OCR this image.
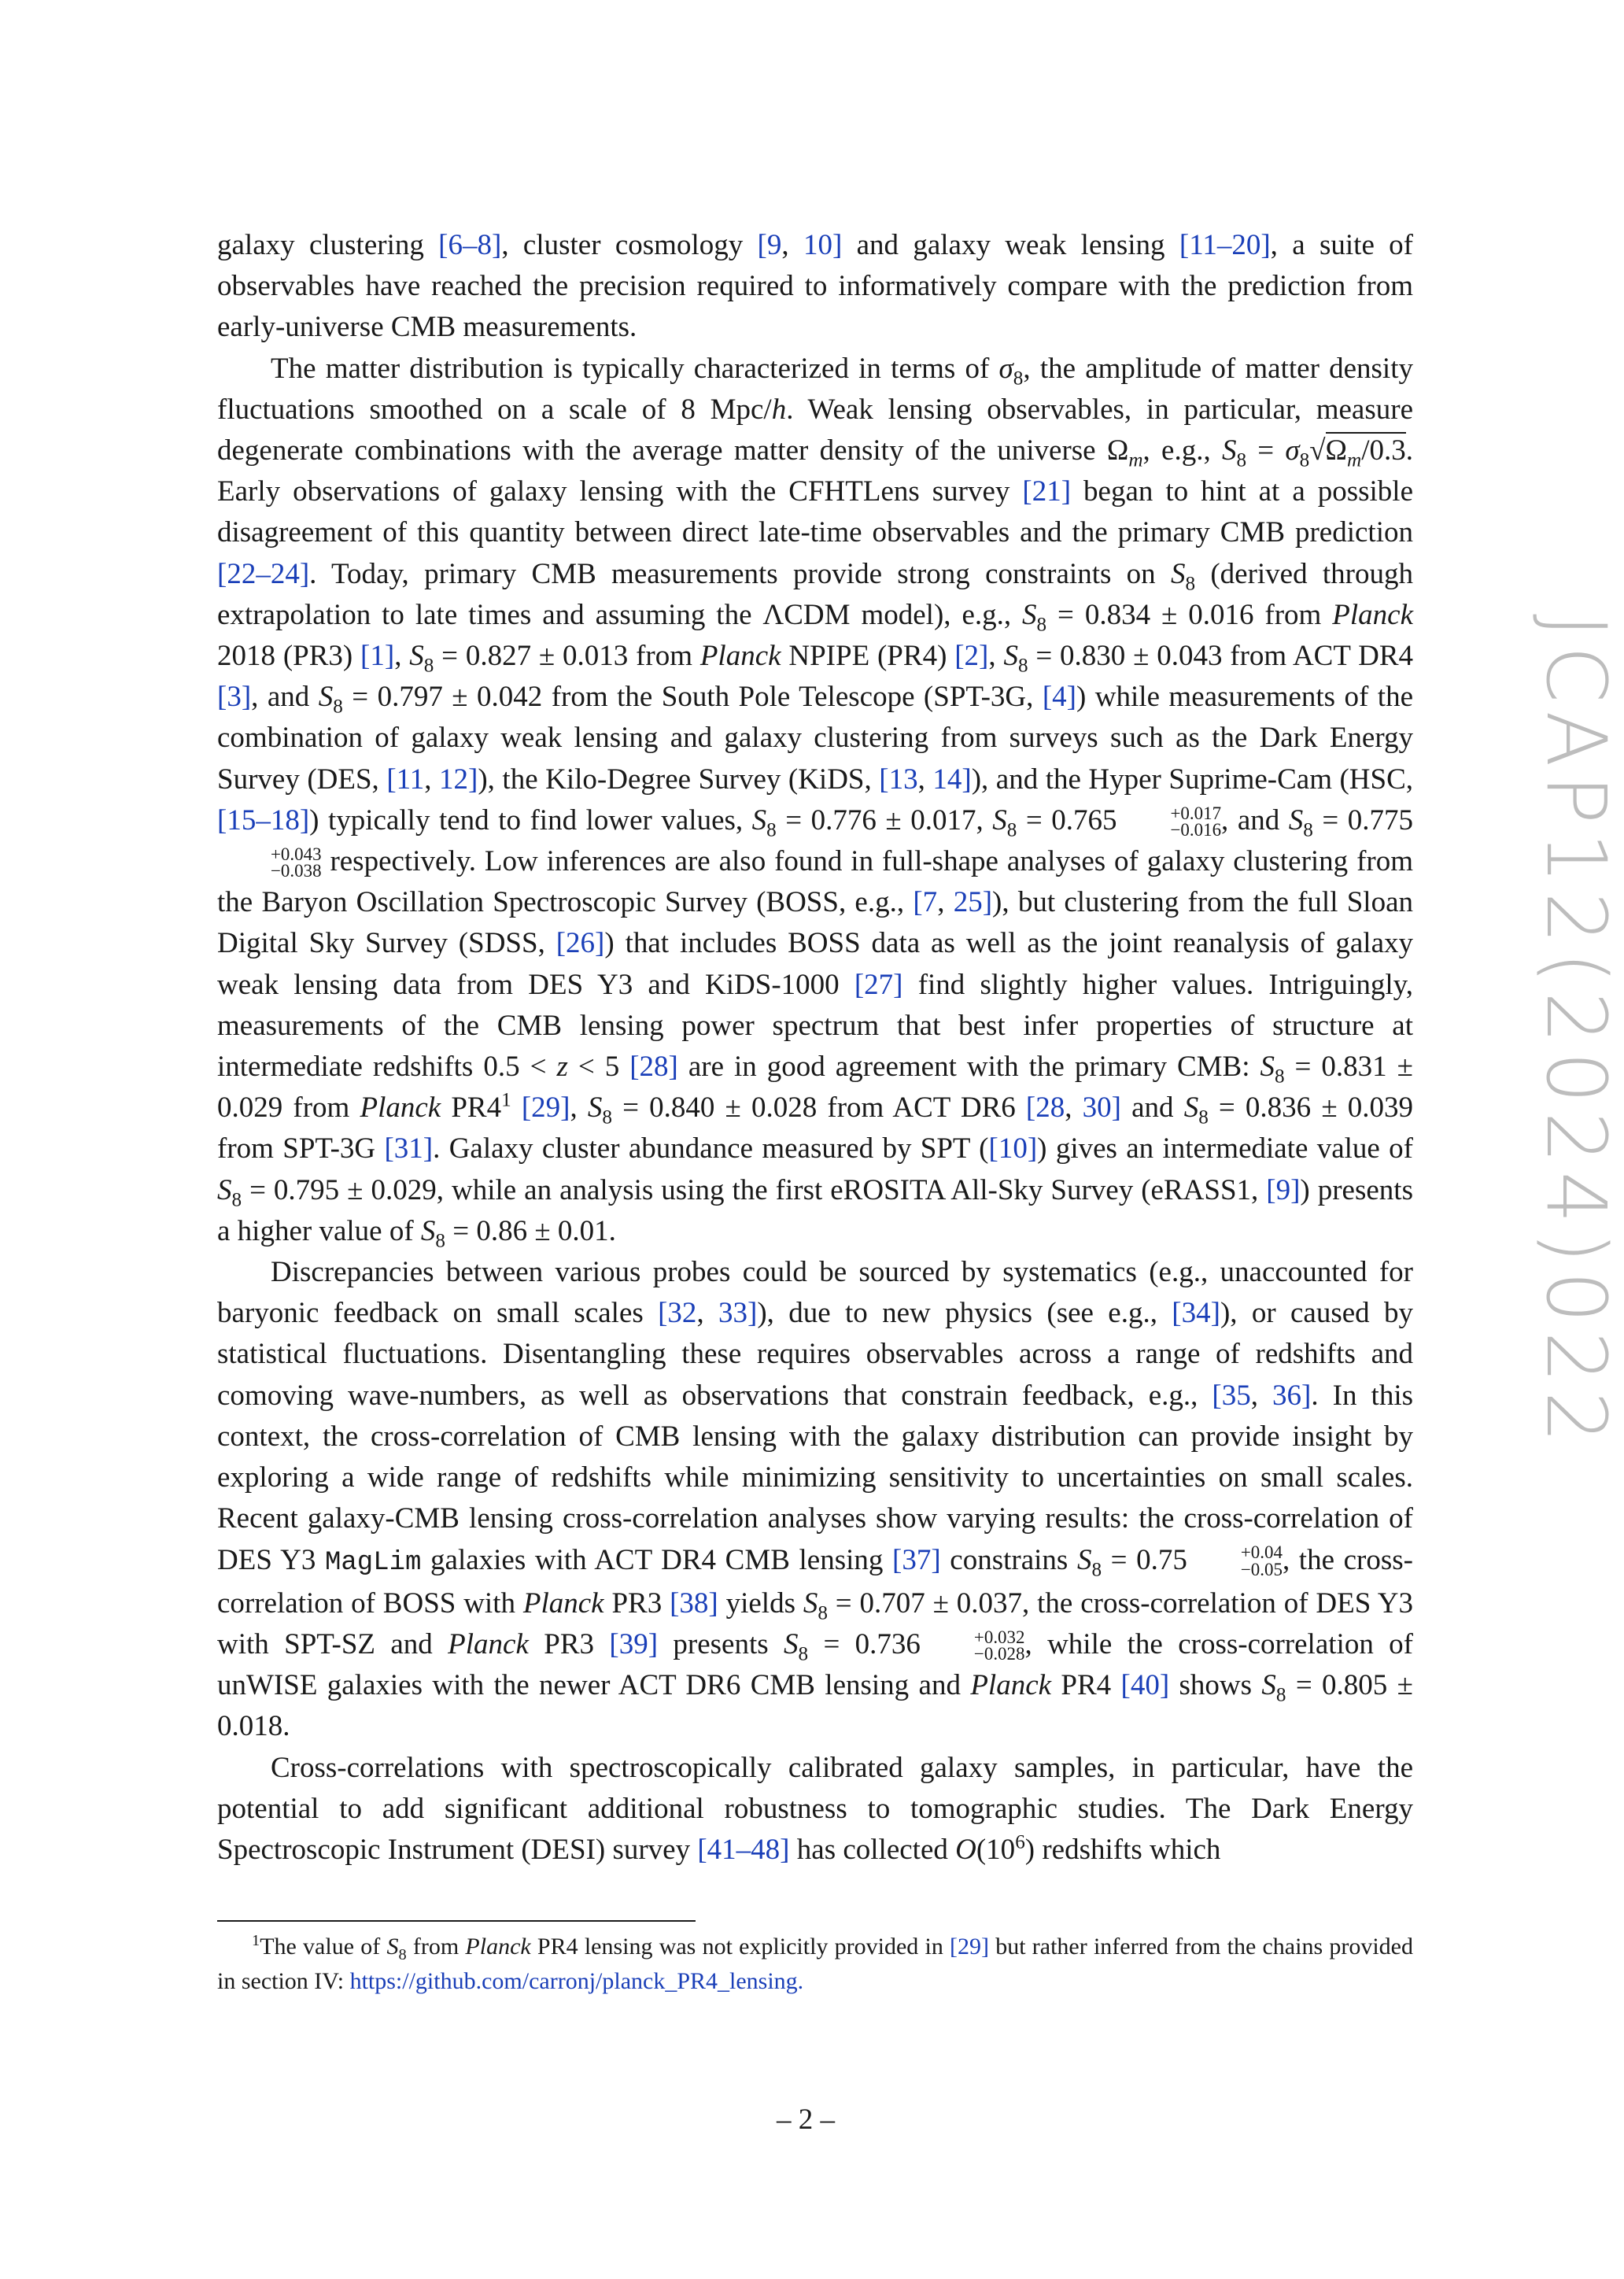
JCAP12(2024)022

galaxy clustering [6–8], cluster cosmology [9, 10] and galaxy weak lensing [11–20], a suite of observables have reached the precision required to informatively compare with the prediction from early-universe CMB measurements.

The matter distribution is typically characterized in terms of $\sigma_8$, the amplitude of matter density fluctuations smoothed on a scale of 8 Mpc/h. Weak lensing observables, in particular, measure degenerate combinations with the average matter density of the universe $\Omega_m$, e.g., $S_8 = \sigma_8√\Omega_m/0.3$. Early observations of galaxy lensing with the CFHTLens survey [21] began to hint at a possible disagreement of this quantity between direct late-time observables and the primary CMB prediction [22–24]. Today, primary CMB measurements provide strong constraints on $S_8$ (derived through extrapolation to late times and assuming the ΛCDM model), e.g., $S_8 = 0.834 \pm 0.016$ from Planck 2018 (PR3) [1], $S_8 = 0.827 \pm 0.013$ from Planck NPIPE (PR4) [2], $S_8 = 0.830 \pm 0.043$ from ACT DR4 [3], and $S_8 = 0.797 \pm 0.042$ from the South Pole Telescope (SPT-3G, [4]) while measurements of the combination of galaxy weak lensing and galaxy clustering from surveys such as the Dark Energy Survey (DES, [11, 12]), the Kilo-Degree Survey (KiDS, [13, 14]), and the Hyper Suprime-Cam (HSC, [15–18]) typically tend to find lower values, $S_8 = 0.776 \pm 0.017$, $S_8 = 0.765$	+0.017
−0.016 , and $S_8 = 0.775$
+0.043
−0.038 respectively. Low inferences are also found in full-shape analyses of galaxy clustering from the Baryon Oscillation Spectroscopic Survey (BOSS, e.g., [7, 25]), but clustering from the full Sloan Digital Sky Survey (SDSS, [26]) that includes BOSS data as well as the joint reanalysis of galaxy weak lensing data from DES Y3 and KiDS-1000 [27] find slightly higher values. Intriguingly, measurements of the CMB lensing power spectrum that best infer properties of structure at intermediate redshifts 0.5 < z < 5 [28] are in good agreement with the primary CMB: $S_8 = 0.831 \pm 0.029$ from Planck $PR4^1$ [29], $S_8 = 0.840 \pm 0.028$ from ACT DR6 [28, 30] and $S_8 = 0.836 \pm 0.039$ from SPT-3G [31]. Galaxy cluster abundance measured by SPT ([10]) gives an intermediate value of $S_8 = 0.795 \pm 0.029$, while an analysis using the first eROSITA All-Sky Survey (eRASS1, [9]) presents a higher value of $S_8 = 0.86 \pm 0.01$.

Discrepancies between various probes could be sourced by systematics (e.g., unaccounted for baryonic feedback on small scales [32, 33]), due to new physics (see e.g., [34]), or caused by statistical fluctuations. Disentangling these requires observables across a range of redshifts and comoving wave-numbers, as well as observations that constrain feedback, e.g., [35, 36]. In this context, the cross-correlation of CMB lensing with the galaxy distribution can provide insight by exploring a wide range of redshifts while minimizing sensitivity to uncertainties on small scales. Recent galaxy-CMB lensing cross-correlation analyses show varying results: the cross-correlation of DES Y3 MagLim galaxies with ACT DR4 CMB lensing [37] constrains $S_8 = 0.75$	+0.04
−0.05 , the cross-correlation of BOSS with Planck PR3 [38] yields $S_8 = 0.707 \pm 0.037$, the cross-correlation of DES Y3 with SPT-SZ and Planck PR3 [39] presents $S_8 = 0.736$	+0.032
−0.028 , while the cross-correlation of unWISE galaxies with the newer ACT DR6 CMB lensing and Planck PR4 [40] shows $S_8 = 0.805 \pm 0.018$.

Cross-correlations with spectroscopically calibrated galaxy samples, in particular, have the potential to add significant additional robustness to tomographic studies. The Dark Energy Spectroscopic Instrument (DESI) survey [41–48] has collected $O(10^6)$ redshifts which

$^1$The value of $S_8$ from Planck PR4 lensing was not explicitly provided in [29] but rather inferred from the chains provided in section IV: https://github.com/carronj/planck_PR4_lensing.
– 2 –
